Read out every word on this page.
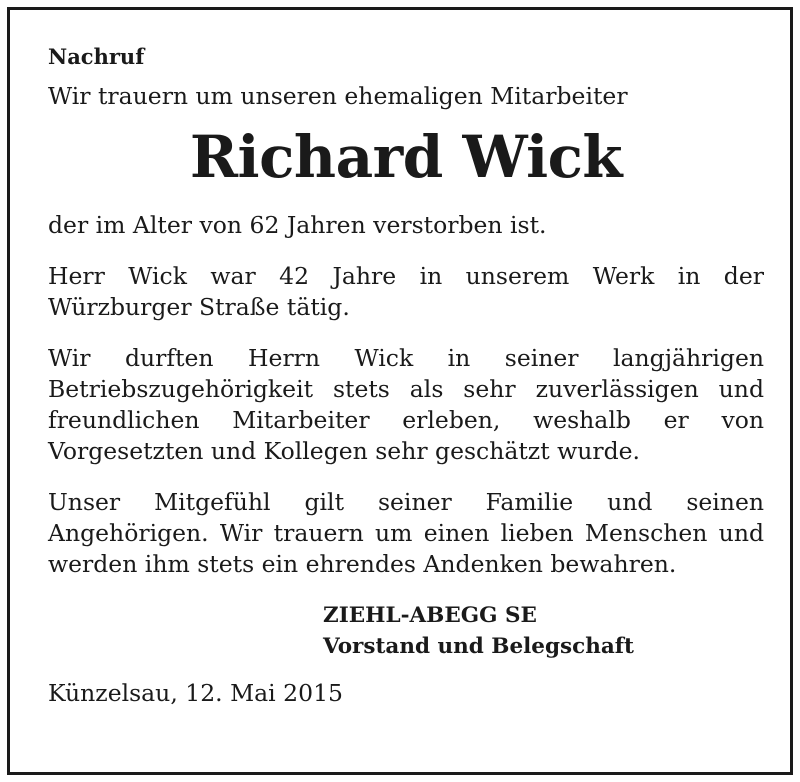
Nachruf

Wir trauern um unseren ehemaligen Mitarbeiter

Richard Wick

der im Alter von 62 Jahren verstorben ist.

Herr Wick war 42 Jahre in unserem Werk in der Würzburger Straße tätig.

Wir durften Herrn Wick in seiner langjährigen Betriebszugehörigkeit stets als sehr zuverlässigen und freundlichen Mitarbeiter erleben, weshalb er von Vorgesetzten und Kollegen sehr geschätzt wurde.

Unser Mitgefühl gilt seiner Familie und seinen Angehörigen. Wir trauern um einen lieben Menschen und werden ihm stets ein ehrendes Andenken bewahren.

ZIEHL-ABEGG SE
Vorstand und Belegschaft

Künzelsau, 12. Mai 2015
